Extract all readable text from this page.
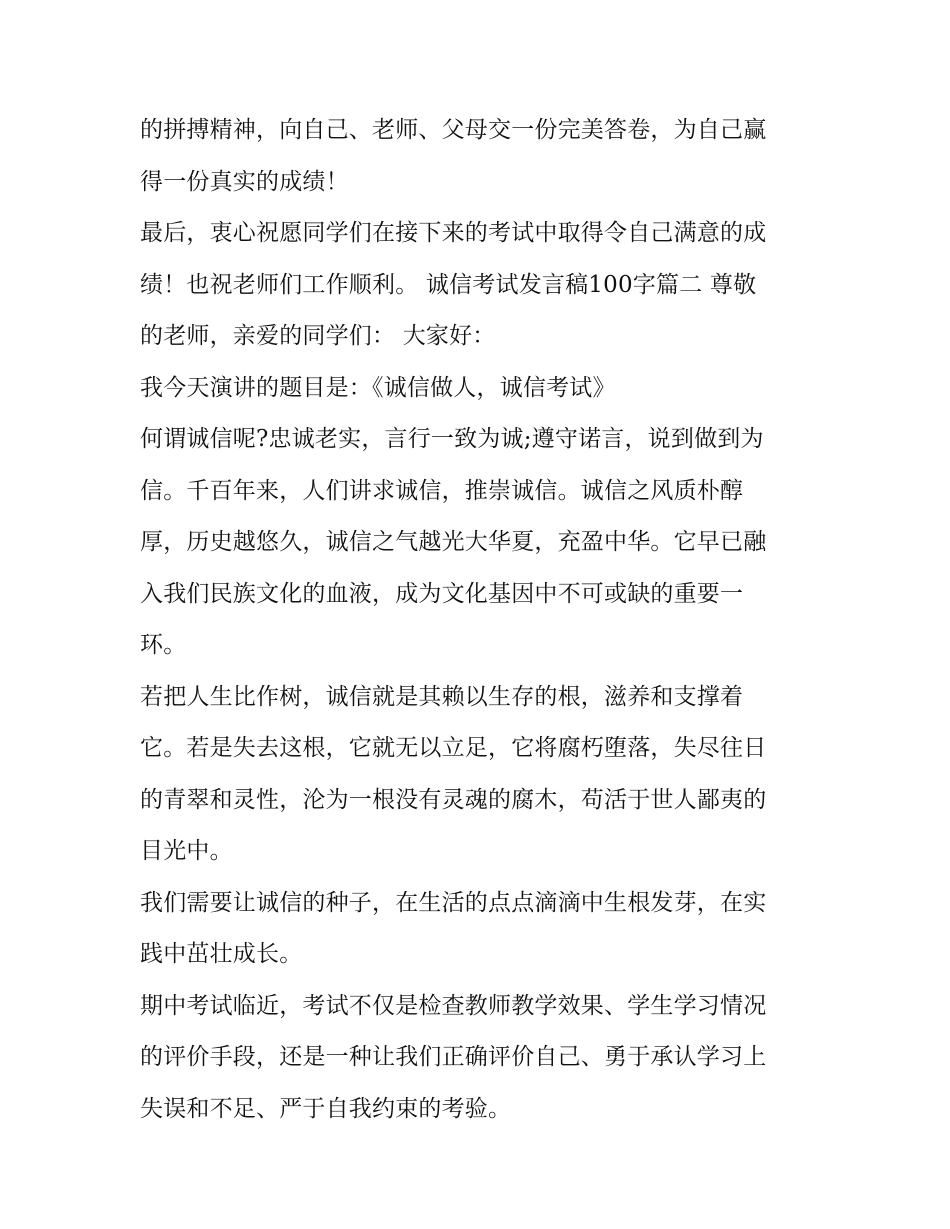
的拼搏精神，向自己、老师、父母交一份完美答卷，为自己赢
得一份真实的成绩！
最后，衷心祝愿同学们在接下来的考试中取得令自己满意的成
绩！也祝老师们工作顺利。 诚信考试发言稿100字篇二 尊敬
的老师，亲爱的同学们： 大家好：
我今天演讲的题目是：《诚信做人，诚信考试》
何谓诚信呢?忠诚老实，言行一致为诚;遵守诺言，说到做到为
信。千百年来，人们讲求诚信，推崇诚信。诚信之风质朴醇
厚，历史越悠久，诚信之气越光大华夏，充盈中华。它早已融
入我们民族文化的血液，成为文化基因中不可或缺的重要一
环。
若把人生比作树，诚信就是其赖以生存的根，滋养和支撑着
它。若是失去这根，它就无以立足，它将腐朽堕落，失尽往日
的青翠和灵性，沦为一根没有灵魂的腐木，苟活于世人鄙夷的
目光中。
我们需要让诚信的种子，在生活的点点滴滴中生根发芽，在实
践中茁壮成长。
期中考试临近，考试不仅是检查教师教学效果、学生学习情况
的评价手段，还是一种让我们正确评价自己、勇于承认学习上
失误和不足、严于自我约束的考验。
